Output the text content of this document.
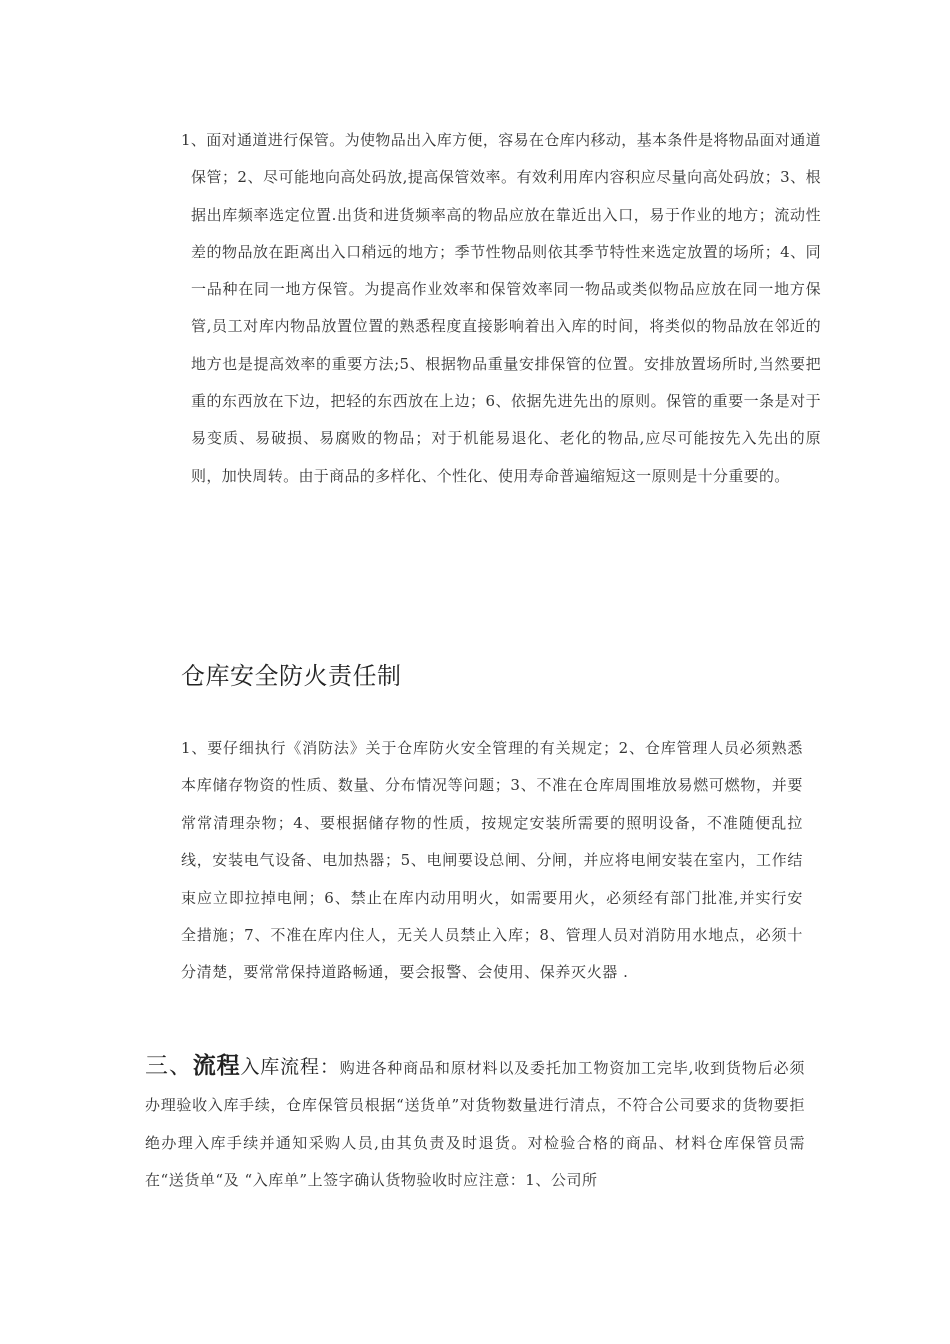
1、面对通道进行保管。为使物品出入库方便，容易在仓库内移动，基本条件是将物品面对通道保管；2、尽可能地向高处码放,提高保管效率。有效利用库内容积应尽量向高处码放；3、根据出库频率选定位置.出货和进货频率高的物品应放在靠近出入口，易于作业的地方；流动性差的物品放在距离出入口稍远的地方；季节性物品则依其季节特性来选定放置的场所；4、同一品种在同一地方保管。为提高作业效率和保管效率同一物品或类似物品应放在同一地方保管,员工对库内物品放置位置的熟悉程度直接影响着出入库的时间，将类似的物品放在邻近的地方也是提高效率的重要方法;5、根据物品重量安排保管的位置。安排放置场所时,当然要把重的东西放在下边，把轻的东西放在上边；6、依据先进先出的原则。保管的重要一条是对于易变质、易破损、易腐败的物品；对于机能易退化、老化的物品,应尽可能按先入先出的原则，加快周转。由于商品的多样化、个性化、使用寿命普遍缩短这一原则是十分重要的。
仓库安全防火责任制
1、要仔细执行《消防法》关于仓库防火安全管理的有关规定；2、仓库管理人员必须熟悉本库储存物资的性质、数量、分布情况等问题；3、不准在仓库周围堆放易燃可燃物，并要常常清理杂物；4、要根据储存物的性质，按规定安装所需要的照明设备，不准随便乱拉线，安装电气设备、电加热器；5、电闸要设总闸、分闸，并应将电闸安装在室内，工作结束应立即拉掉电闸；6、禁止在库内动用明火，如需要用火，必须经有部门批准,并实行安全措施；7、不准在库内住人，无关人员禁止入库；8、管理人员对消防用水地点，必须十分清楚，要常常保持道路畅通，要会报警、会使用、保养灭火器 .
三、流程入库流程：购进各种商品和原材料以及委托加工物资加工完毕,收到货物后必须办理验收入库手续，仓库保管员根据“送货单”对货物数量进行清点，不符合公司要求的货物要拒绝办理入库手续并通知采购人员,由其负责及时退货。对检验合格的商品、材料仓库保管员需在“送货单“及 “入库单”上签字确认货物验收时应注意：1、公司所
